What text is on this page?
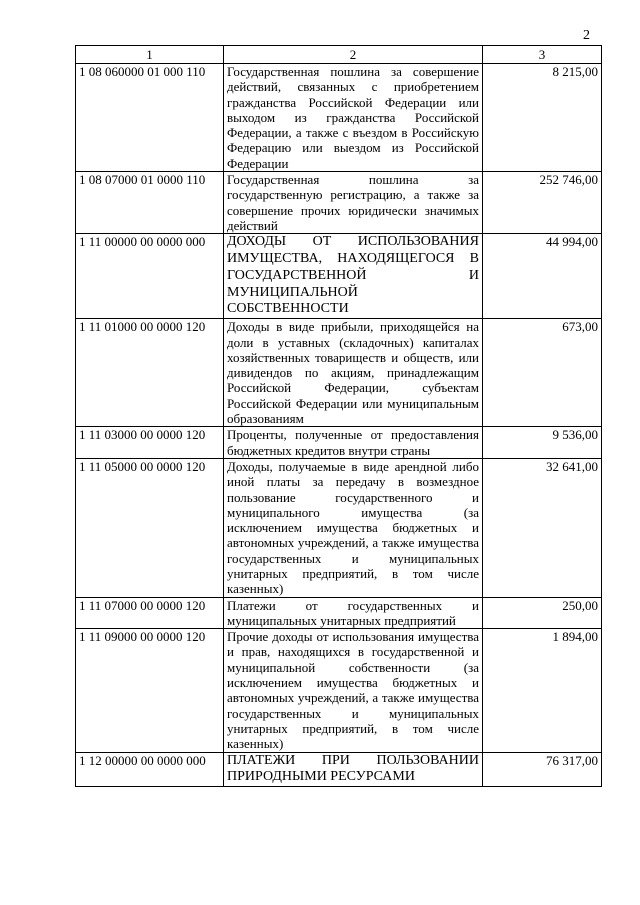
2
1	2	3
1 08 060000 01 000 110	Государственная пошлина за совершение действий, связанных с приобретением гражданства Российской Федерации или выходом из гражданства Российской Федерации, а также с въездом в Российскую Федерацию или выездом из Российской Федерации	8 215,00
1 08 07000 01 0000 110	Государственная пошлина за государственную регистрацию, а также за совершение прочих юридически значимых действий	252 746,00
1 11 00000 00 0000 000	ДОХОДЫ ОТ ИСПОЛЬЗОВАНИЯ ИМУЩЕСТВА, НАХОДЯЩЕГОСЯ В ГОСУДАРСТВЕННОЙ И МУНИЦИПАЛЬНОЙ СОБСТВЕННОСТИ	44 994,00
1 11 01000 00 0000 120	Доходы в виде прибыли, приходящейся на доли в уставных (складочных) капиталах хозяйственных товариществ и обществ, или дивидендов по акциям, принадлежащим Российской Федерации, субъектам Российской Федерации или муниципальным образованиям	673,00
1 11 03000 00 0000 120	Проценты, полученные от предоставления бюджетных кредитов внутри страны	9 536,00
1 11 05000 00 0000 120	Доходы, получаемые в виде арендной либо иной платы за передачу в возмездное пользование государственного и муниципального имущества (за исключением имущества бюджетных и автономных учреждений, а также имущества государственных и муниципальных унитарных предприятий, в том числе казенных)	32 641,00
1 11 07000 00 0000 120	Платежи от государственных и муниципальных унитарных предприятий	250,00
1 11 09000 00 0000 120	Прочие доходы от использования имущества и прав, находящихся в государственной и муниципальной собственности (за исключением имущества бюджетных и автономных учреждений, а также имущества государственных и муниципальных унитарных предприятий, в том числе казенных)	1 894,00
1 12 00000 00 0000 000	ПЛАТЕЖИ ПРИ ПОЛЬЗОВАНИИ ПРИРОДНЫМИ РЕСУРСАМИ	76 317,00
